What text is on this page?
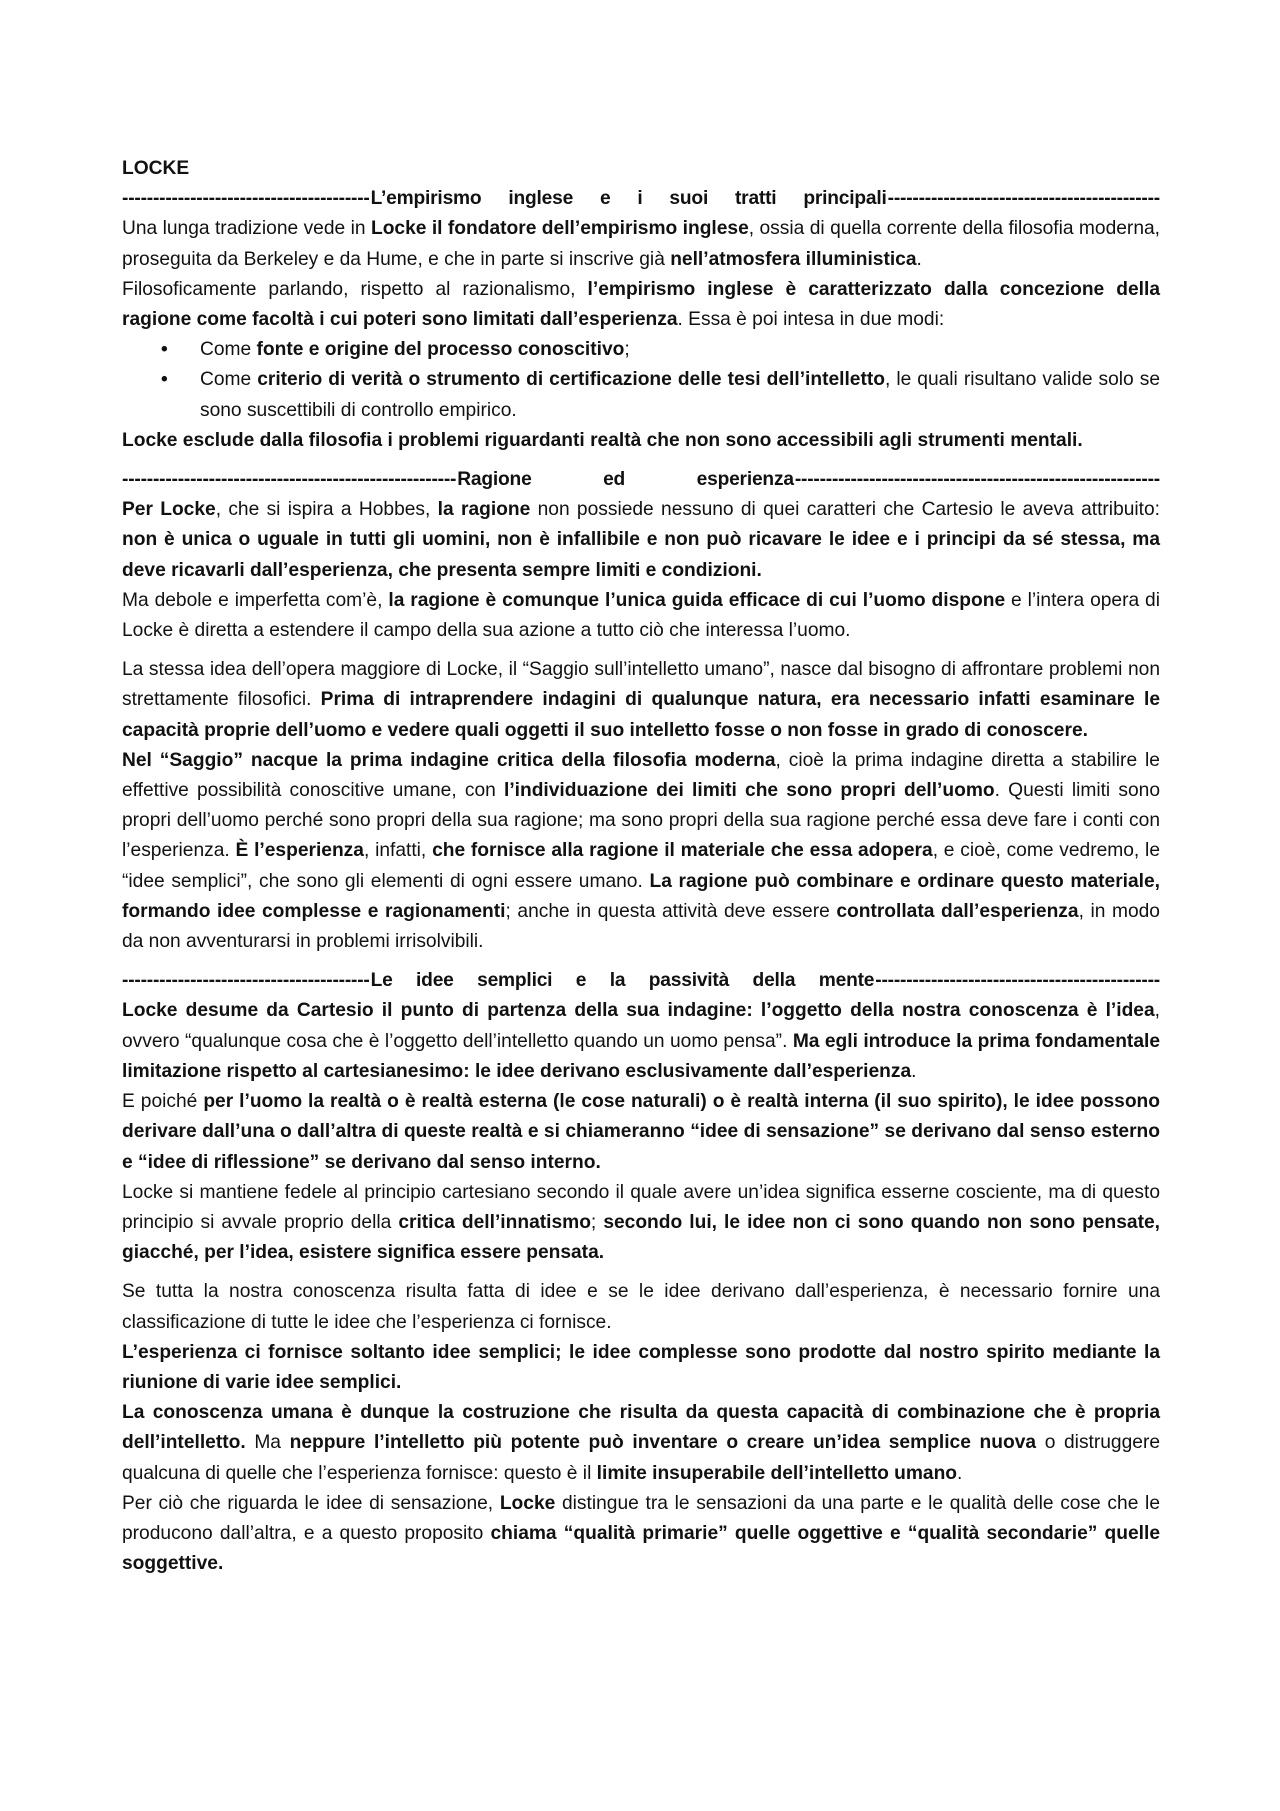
LOCKE
----------------------------------------L’empirismo inglese e i suoi tratti principali--------------------------------------------

Una lunga tradizione vede in Locke il fondatore dell’empirismo inglese, ossia di quella corrente della filosofia moderna, proseguita da Berkeley e da Hume, e che in parte si inscrive già nell’atmosfera illuministica.

Filosoficamente parlando, rispetto al razionalismo, l’empirismo inglese è caratterizzato dalla concezione della ragione come facoltà i cui poteri sono limitati dall’esperienza. Essa è poi intesa in due modi:

• Come fonte e origine del processo conoscitivo;
• Come criterio di verità o strumento di certificazione delle tesi dell’intelletto, le quali risultano valide solo se sono suscettibili di controllo empirico.

Locke esclude dalla filosofia i problemi riguardanti realtà che non sono accessibili agli strumenti mentali.

------------------------------------------------------Ragione ed esperienza-----------------------------------------------------------

Per Locke, che si ispira a Hobbes, la ragione non possiede nessuno di quei caratteri che Cartesio le aveva attribuito: non è unica o uguale in tutti gli uomini, non è infallibile e non può ricavare le idee e i principi da sé stessa, ma deve ricavarli dall’esperienza, che presenta sempre limiti e condizioni.

Ma debole e imperfetta com’è, la ragione è comunque l’unica guida efficace di cui l’uomo dispone e l’intera opera di Locke è diretta a estendere il campo della sua azione a tutto ciò che interessa l’uomo.

La stessa idea dell’opera maggiore di Locke, il “Saggio sull’intelletto umano”, nasce dal bisogno di affrontare problemi non strettamente filosofici. Prima di intraprendere indagini di qualunque natura, era necessario infatti esaminare le capacità proprie dell’uomo e vedere quali oggetti il suo intelletto fosse o non fosse in grado di conoscere.

Nel “Saggio” nacque la prima indagine critica della filosofia moderna, cioè la prima indagine diretta a stabilire le effettive possibilità conoscitive umane, con l’individuazione dei limiti che sono propri dell’uomo. Questi limiti sono propri dell’uomo perché sono propri della sua ragione; ma sono propri della sua ragione perché essa deve fare i conti con l’esperienza. È l’esperienza, infatti, che fornisce alla ragione il materiale che essa adopera, e cioè, come vedremo, le “idee semplici”, che sono gli elementi di ogni essere umano. La ragione può combinare e ordinare questo materiale, formando idee complesse e ragionamenti; anche in questa attività deve essere controllata dall’esperienza, in modo da non avventurarsi in problemi irrisolvibili.

----------------------------------------Le idee semplici e la passività della mente----------------------------------------------

Locke desume da Cartesio il punto di partenza della sua indagine: l’oggetto della nostra conoscenza è l’idea, ovvero “qualunque cosa che è l’oggetto dell’intelletto quando un uomo pensa”. Ma egli introduce la prima fondamentale limitazione rispetto al cartesianesimo: le idee derivano esclusivamente dall’esperienza.

E poiché per l’uomo la realtà o è realtà esterna (le cose naturali) o è realtà interna (il suo spirito), le idee possono derivare dall’una o dall’altra di queste realtà e si chiameranno “idee di sensazione” se derivano dal senso esterno e “idee di riflessione” se derivano dal senso interno.

Locke si mantiene fedele al principio cartesiano secondo il quale avere un’idea significa esserne cosciente, ma di questo principio si avvale proprio della critica dell’innatismo; secondo lui, le idee non ci sono quando non sono pensate, giacché, per l’idea, esistere significa essere pensata.

Se tutta la nostra conoscenza risulta fatta di idee e se le idee derivano dall’esperienza, è necessario fornire una classificazione di tutte le idee che l’esperienza ci fornisce.

L’esperienza ci fornisce soltanto idee semplici; le idee complesse sono prodotte dal nostro spirito mediante la riunione di varie idee semplici.

La conoscenza umana è dunque la costruzione che risulta da questa capacità di combinazione che è propria dell’intelletto. Ma neppure l’intelletto più potente può inventare o creare un’idea semplice nuova o distruggere qualcuna di quelle che l’esperienza fornisce: questo è il limite insuperabile dell’intelletto umano.

Per ciò che riguarda le idee di sensazione, Locke distingue tra le sensazioni da una parte e le qualità delle cose che le producono dall’altra, e a questo proposito chiama “qualità primarie” quelle oggettive e “qualità secondarie” quelle soggettive.
